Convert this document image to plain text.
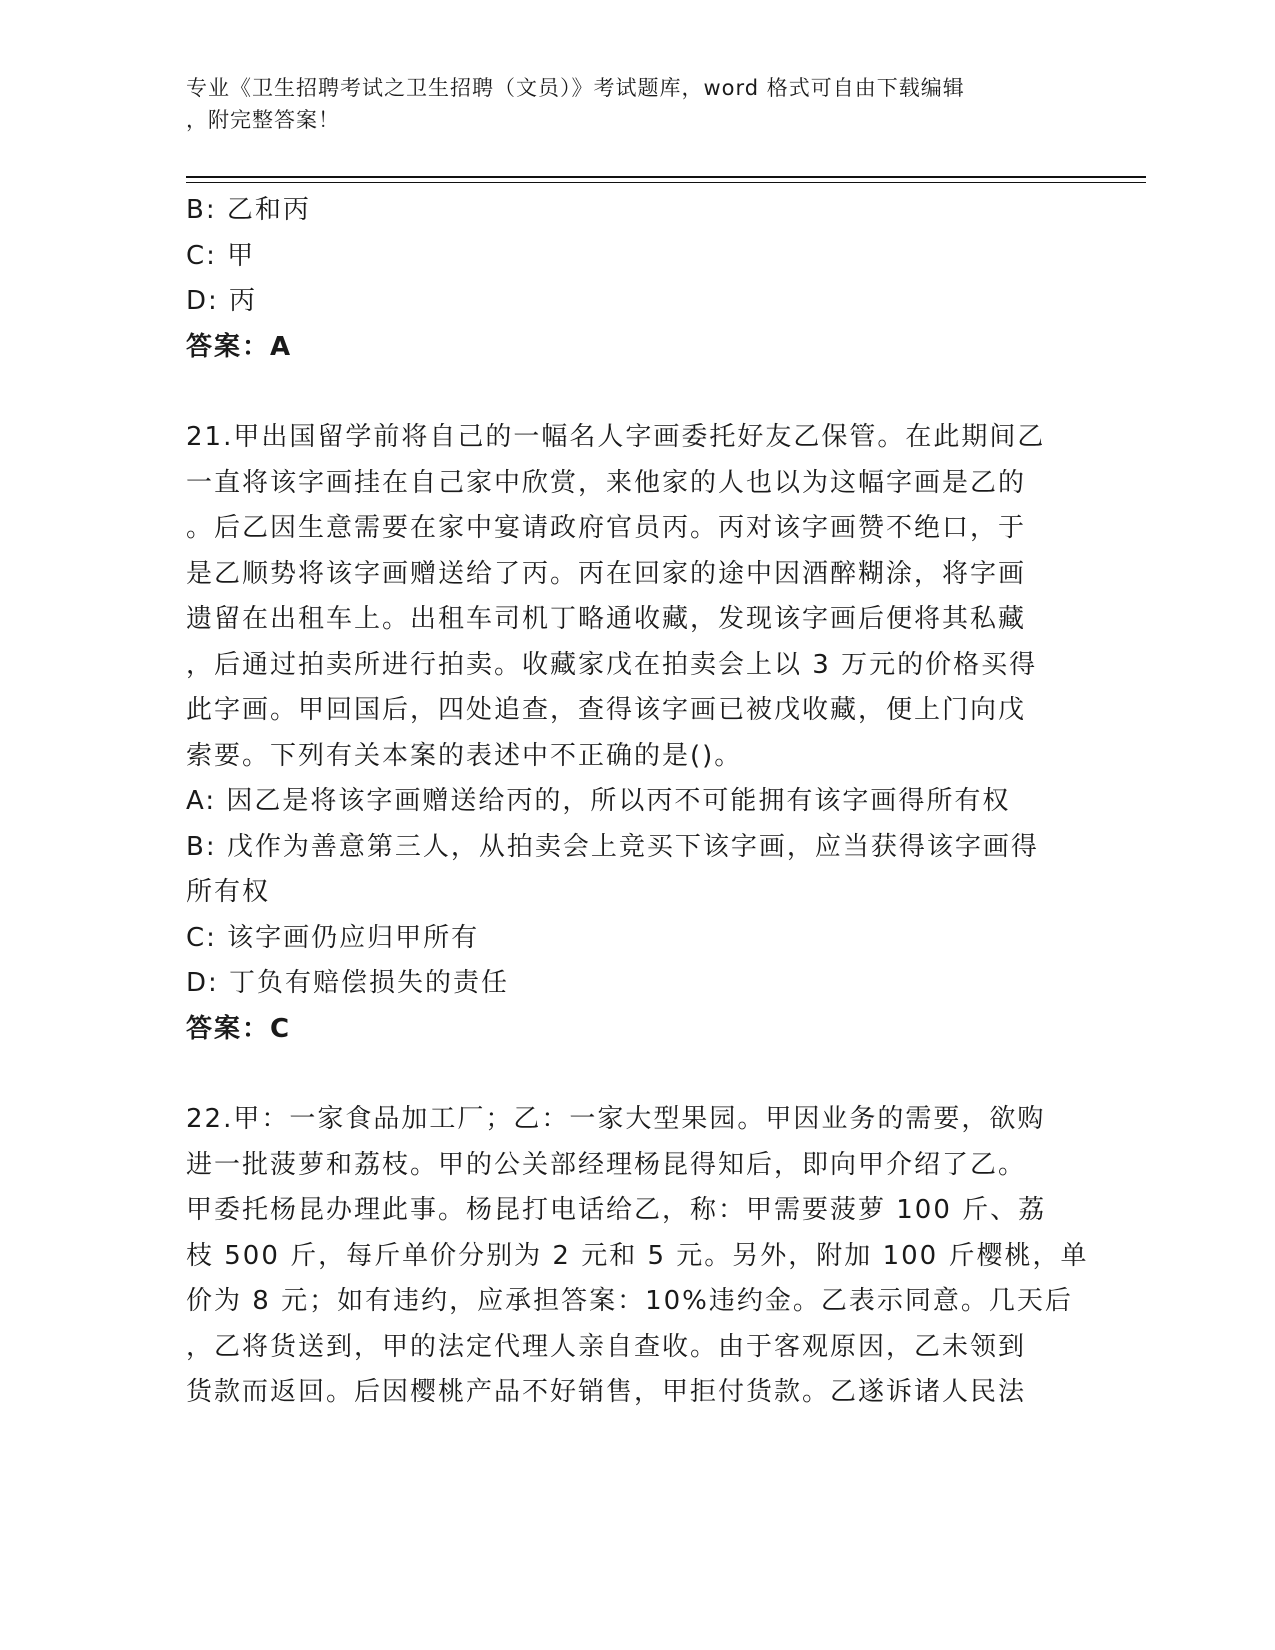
专业《卫生招聘考试之卫生招聘（文员）》考试题库，word 格式可自由下载编辑
，附完整答案！
B: 乙和丙
C: 甲
D: 丙
答案：A
21.甲出国留学前将自己的一幅名人字画委托好友乙保管。在此期间乙
一直将该字画挂在自己家中欣赏，来他家的人也以为这幅字画是乙的
。后乙因生意需要在家中宴请政府官员丙。丙对该字画赞不绝口，于
是乙顺势将该字画赠送给了丙。丙在回家的途中因酒醉糊涂，将字画
遗留在出租车上。出租车司机丁略通收藏，发现该字画后便将其私藏
，后通过拍卖所进行拍卖。收藏家戊在拍卖会上以 3 万元的价格买得
此字画。甲回国后，四处追查，查得该字画已被戊收藏，便上门向戊
索要。下列有关本案的表述中不正确的是()。
A: 因乙是将该字画赠送给丙的，所以丙不可能拥有该字画得所有权
B: 戊作为善意第三人，从拍卖会上竞买下该字画，应当获得该字画得
所有权
C: 该字画仍应归甲所有
D: 丁负有赔偿损失的责任
答案：C
22.甲：一家食品加工厂；乙：一家大型果园。甲因业务的需要，欲购
进一批菠萝和荔枝。甲的公关部经理杨昆得知后，即向甲介绍了乙。
甲委托杨昆办理此事。杨昆打电话给乙，称：甲需要菠萝 100 斤、荔
枝 500 斤，每斤单价分别为 2 元和 5 元。另外，附加 100 斤樱桃，单
价为 8 元；如有违约，应承担答案：10%违约金。乙表示同意。几天后
，乙将货送到，甲的法定代理人亲自查收。由于客观原因，乙未领到
货款而返回。后因樱桃产品不好销售，甲拒付货款。乙遂诉诸人民法
